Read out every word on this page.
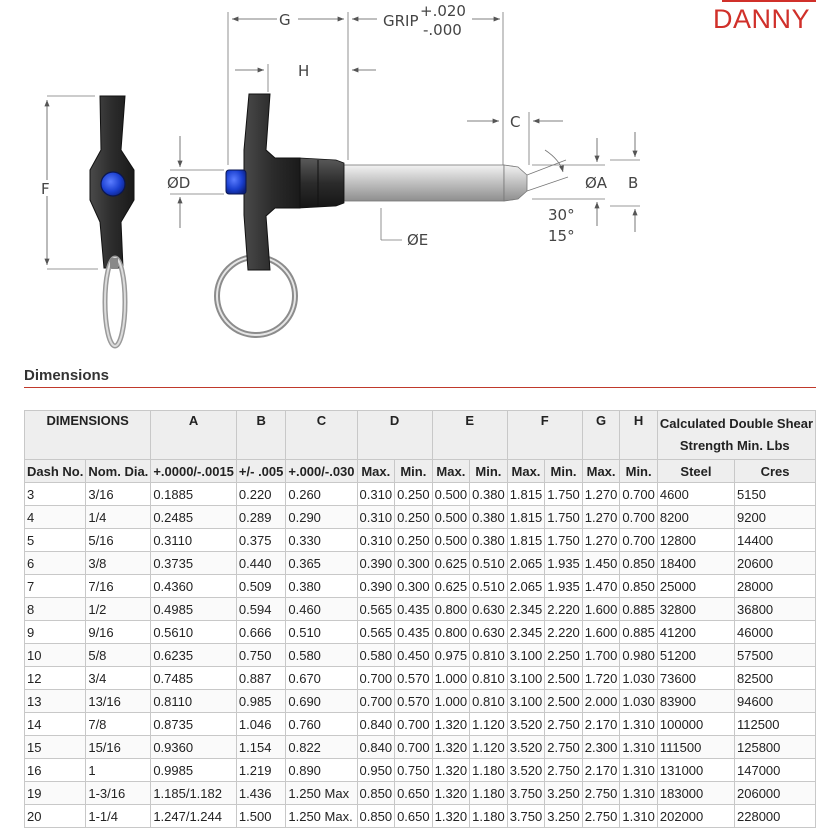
DANNY
F
G	GRIP
+.020
-.000
H
C
ØD
ØE
ØA B
30°
15°
Dimensions
DIMENSIONS		A	B	C	D		E		F		G	H	Calculated Double Shear
Strength Min. Lbs	

Dash No.	Nom. Dia.	+.0000/-.0015	+/- .005	+.000/-.030	Max.	Min.	Max.	Min.	Max.	Min.	Max.	Min.	Steel	Cres
3	3/16	0.1885	0.220	0.260	0.310	0.250	0.500	0.380	1.815	1.750	1.270	0.700	4600	5150
4	1/4	0.2485	0.289	0.290	0.310	0.250	0.500	0.380	1.815	1.750	1.270	0.700	8200	9200
5	5/16	0.3110	0.375	0.330	0.310	0.250	0.500	0.380	1.815	1.750	1.270	0.700	12800	14400
6	3/8	0.3735	0.440	0.365	0.390	0.300	0.625	0.510	2.065	1.935	1.450	0.850	18400	20600
7	7/16	0.4360	0.509	0.380	0.390	0.300	0.625	0.510	2.065	1.935	1.470	0.850	25000	28000
8	1/2	0.4985	0.594	0.460	0.565	0.435	0.800	0.630	2.345	2.220	1.600	0.885	32800	36800
9	9/16	0.5610	0.666	0.510	0.565	0.435	0.800	0.630	2.345	2.220	1.600	0.885	41200	46000
10	5/8	0.6235	0.750	0.580	0.580	0.450	0.975	0.810	3.100	2.250	1.700	0.980	51200	57500
12	3/4	0.7485	0.887	0.670	0.700	0.570	1.000	0.810	3.100	2.500	1.720	1.030	73600	82500
13	13/16	0.8110	0.985	0.690	0.700	0.570	1.000	0.810	3.100	2.500	2.000	1.030	83900	94600
14	7/8	0.8735	1.046	0.760	0.840	0.700	1.320	1.120	3.520	2.750	2.170	1.310	100000	112500
15	15/16	0.9360	1.154	0.822	0.840	0.700	1.320	1.120	3.520	2.750	2.300	1.310	111500	125800
16	1	0.9985	1.219	0.890	0.950	0.750	1.320	1.180	3.520	2.750	2.170	1.310	131000	147000
19	1-3/16	1.185/1.182	1.436	1.250 Max	0.850	0.650	1.320	1.180	3.750	3.250	2.750	1.310	183000	206000
20	1-1/4	1.247/1.244	1.500	1.250 Max.	0.850	0.650	1.320	1.180	3.750	3.250	2.750	1.310	202000	228000
